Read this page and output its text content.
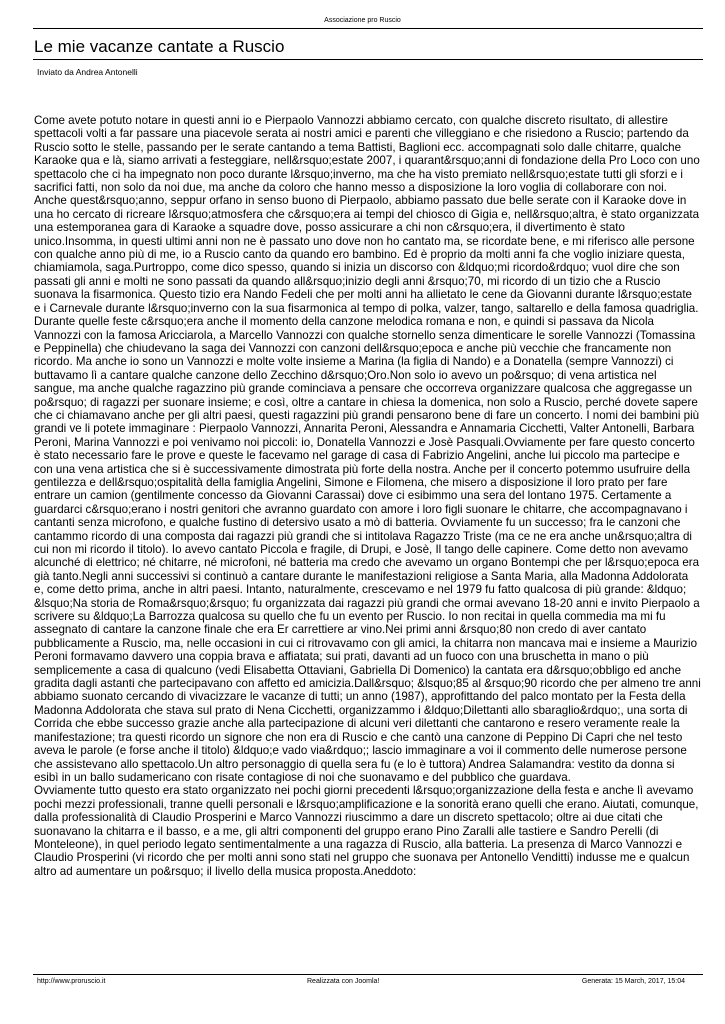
Associazione pro Ruscio
Le mie vacanze cantate a Ruscio
Inviato da Andrea Antonelli

Come avete potuto notare in questi anni io e Pierpaolo Vannozzi abbiamo cercato, con qualche discreto risultato, di allestire spettacoli volti a far passare una piacevole serata ai nostri amici e parenti che villeggiano e che risiedono a Ruscio; partendo da Ruscio sotto le stelle, passando per le serate cantando a tema Battisti, Baglioni ecc. accompagnati solo dalle chitarre, qualche Karaoke qua e là, siamo arrivati a festeggiare, nell&rsquo;estate 2007, i quarant&rsquo;anni di fondazione della Pro Loco con uno spettacolo che ci ha impegnato non poco durante l&rsquo;inverno, ma che ha visto premiato nell&rsquo;estate tutti gli sforzi e i sacrifici fatti, non solo da noi due, ma anche da coloro che hanno messo a disposizione la loro voglia di collaborare con noi. Anche quest&rsquo;anno, seppur orfano in senso buono di Pierpaolo, abbiamo passato due belle serate con il Karaoke dove in una ho cercato di ricreare l&rsquo;atmosfera che c&rsquo;era ai tempi del chiosco di Gigia e, nell&rsquo;altra, è stato organizzata una estemporanea gara di Karaoke a squadre dove, posso assicurare a chi non c&rsquo;era, il divertimento è stato unico.Insomma, in questi ultimi anni non ne è passato uno dove non ho cantato ma, se ricordate bene, e mi riferisco alle persone con qualche anno più di me, io a Ruscio canto da quando ero bambino. Ed è proprio da molti anni fa che voglio iniziare questa, chiamiamola, saga.Purtroppo, come dico spesso, quando si inizia un discorso con &ldquo;mi ricordo&rdquo; vuol dire che son passati gli anni e molti ne sono passati da quando all&rsquo;inizio degli anni &rsquo;70, mi ricordo di un tizio che a Ruscio suonava la fisarmonica. Questo tizio era Nando Fedeli che per molti anni ha allietato le cene da Giovanni durante l&rsquo;estate e i Carnevale durante l&rsquo;inverno con la sua fisarmonica al tempo di polka, valzer, tango, saltarello e della famosa quadriglia. Durante quelle feste c&rsquo;era anche il momento della canzone melodica romana e non, e quindi si passava da Nicola Vannozzi con la famosa Aricciarola, a Marcello Vannozzi con qualche stornello senza dimenticare le sorelle Vannozzi (Tomassina e Peppinella) che chiudevano la saga dei Vannozzi con canzoni dell&rsquo;epoca e anche più vecchie che francamente non ricordo. Ma anche io sono un Vannozzi e molte volte insieme a Marina (la figlia di Nando) e a Donatella (sempre Vannozzi) ci buttavamo lì a cantare qualche canzone dello Zecchino d&rsquo;Oro.Non solo io avevo un po&rsquo; di vena artistica nel sangue, ma anche qualche ragazzino più grande cominciava a pensare che occorreva organizzare qualcosa che aggregasse un po&rsquo; di ragazzi per suonare insieme; e così, oltre a cantare in chiesa la domenica, non solo a Ruscio, perché dovete sapere che ci chiamavano anche per gli altri paesi, questi ragazzini più grandi pensarono bene di fare un concerto. I nomi dei bambini più grandi ve li potete immaginare : Pierpaolo Vannozzi, Annarita Peroni, Alessandra e Annamaria Cicchetti, Valter Antonelli, Barbara Peroni, Marina Vannozzi e poi venivamo noi piccoli: io, Donatella Vannozzi e Josè Pasquali.Ovviamente per fare questo concerto è stato necessario fare le prove e queste le facevamo nel garage di casa di Fabrizio Angelini, anche lui piccolo ma partecipe e con una vena artistica che si è successivamente dimostrata più forte della nostra. Anche per il concerto potemmo usufruire della gentilezza e dell&rsquo;ospitalità della famiglia Angelini, Simone e Filomena, che misero a disposizione il loro prato per fare entrare un camion (gentilmente concesso da Giovanni Carassai) dove ci esibimmo una sera del lontano 1975. Certamente a guardarci c&rsquo;erano i nostri genitori che avranno guardato con amore i loro figli suonare le chitarre, che accompagnavano i cantanti senza microfono, e qualche fustino di detersivo usato a mò di batteria. Ovviamente fu un successo; fra le canzoni che cantammo ricordo di una composta dai ragazzi più grandi che si intitolava Ragazzo Triste (ma ce ne era anche un&rsquo;altra di cui non mi ricordo il titolo). Io avevo cantato Piccola e fragile, di Drupi, e Josè, Il tango delle capinere. Come detto non avevamo alcunché di elettrico; né chitarre, né microfoni, né batteria ma credo che avevamo un organo Bontempi che per l&rsquo;epoca era già tanto.Negli anni successivi si continuò a cantare durante le manifestazioni religiose a Santa Maria, alla Madonna Addolorata e, come detto prima, anche in altri paesi. Intanto, naturalmente, crescevamo e nel 1979 fu fatto qualcosa di più grande: &ldquo; &lsquo;Na storia de Roma&rsquo;&rsquo; fu organizzata dai ragazzi più grandi che ormai avevano 18-20 anni e invito Pierpaolo a scrivere su &ldquo;La Barrozza qualcosa su quello che fu un evento per Ruscio. Io non recitai in quella commedia ma mi fu assegnato di cantare la canzone finale che era Er carrettiere ar vino.Nei primi anni &rsquo;80 non credo di aver cantato pubblicamente a Ruscio, ma, nelle occasioni in cui ci ritrovavamo con gli amici, la chitarra non mancava mai e insieme a Maurizio Peroni formavamo davvero una coppia brava e affiatata; sui prati, davanti ad un fuoco con una bruschetta in mano o più semplicemente a casa di qualcuno (vedi Elisabetta Ottaviani, Gabriella Di Domenico) la cantata era d&rsquo;obbligo ed anche gradita dagli astanti che partecipavano con affetto ed amicizia.Dall&rsquo; &lsquo;85 al &rsquo;90 ricordo che per almeno tre anni abbiamo suonato cercando di vivacizzare le vacanze di tutti; un anno (1987), approfittando del palco montato per la Festa della Madonna Addolorata che stava sul prato di Nena Cicchetti, organizzammo i &ldquo;Dilettanti allo sbaraglio&rdquo;, una sorta di Corrida che ebbe successo grazie anche alla partecipazione di alcuni veri dilettanti che cantarono e resero veramente reale la manifestazione; tra questi ricordo un signore che non era di Ruscio e che cantò una canzone di Peppino Di Capri che nel testo aveva le parole (e forse anche il titolo) &ldquo;e vado via&rdquo;; lascio immaginare a voi il commento delle numerose persone che assistevano allo spettacolo.Un altro personaggio di quella sera fu (e lo è tuttora) Andrea Salamandra: vestito da donna si esibì in un ballo sudamericano con risate contagiose di noi che suonavamo e del pubblico che guardava.

Ovviamente tutto questo era stato organizzato nei pochi giorni precedenti l&rsquo;organizzazione della festa e anche lì avevamo pochi mezzi professionali, tranne quelli personali e l&rsquo;amplificazione e la sonorità erano quelli che erano. Aiutati, comunque, dalla professionalità di Claudio Prosperini e Marco Vannozzi riuscimmo a dare un discreto spettacolo; oltre ai due citati che suonavano la chitarra e il basso, e a me, gli altri componenti del gruppo erano Pino Zaralli alle tastiere e Sandro Perelli (di Monteleone), in quel periodo legato sentimentalmente a una ragazza di Ruscio, alla batteria. La presenza di Marco Vannozzi e Claudio Prosperini (vi ricordo che per molti anni sono stati nel gruppo che suonava per Antonello Venditti) indusse me e qualcun altro ad aumentare un po&rsquo; il livello della musica proposta.Aneddoto:

http://www.proruscio.it	Realizzata con Joomla!	Generata: 15 March, 2017, 15:04
